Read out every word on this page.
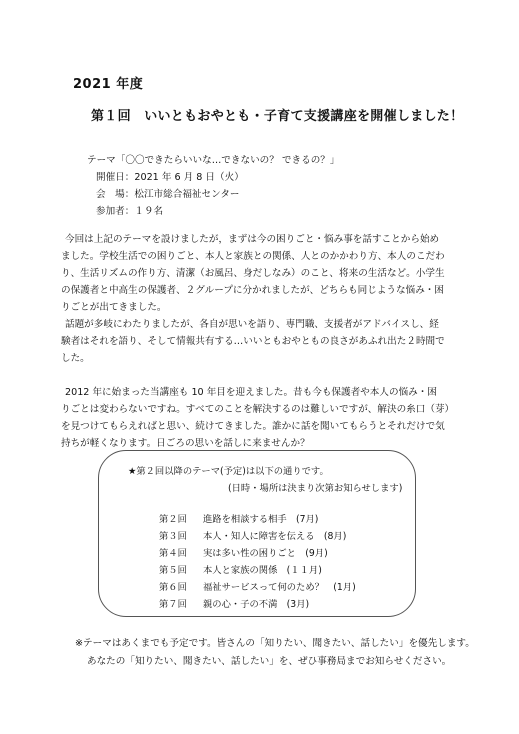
2021 年度
第１回　いいともおやとも・子育て支援講座を開催しました！
テーマ「〇〇できたらいいな…できないの？ できるの？」
開催日：2021 年 6 月 8 日（火）
会　場：松江市総合福祉センター
参加者：１９名
今回は上記のテーマを設けましたが，まずは今の困りごと・悩み事を話すことから始め
ました。学校生活での困りごと、本人と家族との関係、人とのかかわり方、本人のこだわ
り、生活リズムの作り方、清潔（お風呂、身だしなみ）のこと、将来の生活など。小学生
の保護者と中高生の保護者、２グループに分かれましたが、どちらも同じような悩み・困
りごとが出てきました。
話題が多岐にわたりましたが、各自が思いを語り、専門職、支援者がアドバイスし、経
験者はそれを語り、そして情報共有する…いいともおやともの良さがあふれ出た２時間で
した。
2012 年に始まった当講座も 10 年目を迎えました。昔も今も保護者や本人の悩み・困
りごとは変わらないですね。すべてのことを解決するのは難しいですが、解決の糸口（芽）
を見つけてもらえればと思い、続けてきました。誰かに話を聞いてもらうとそれだけで気
持ちが軽くなります。日ごろの思いを話しに来ませんか？
★第２回以降のテーマ(予定)は以下の通りです。
(日時・場所は決まり次第お知らせします)
第２回 進路を相談する相手　(7月)
第３回 本人・知人に障害を伝える　(8月)
第４回 実は多い性の困りごと　(9月)
第５回 本人と家族の関係　(１１月)
第６回 福祉サービスって何のため？　(1月)
第７回 親の心・子の不満　(3月)
※テーマはあくまでも予定です。皆さんの「知りたい、聞きたい、話したい」を優先します。
あなたの「知りたい、聞きたい、話したい」を、ぜひ事務局までお知らせください。
